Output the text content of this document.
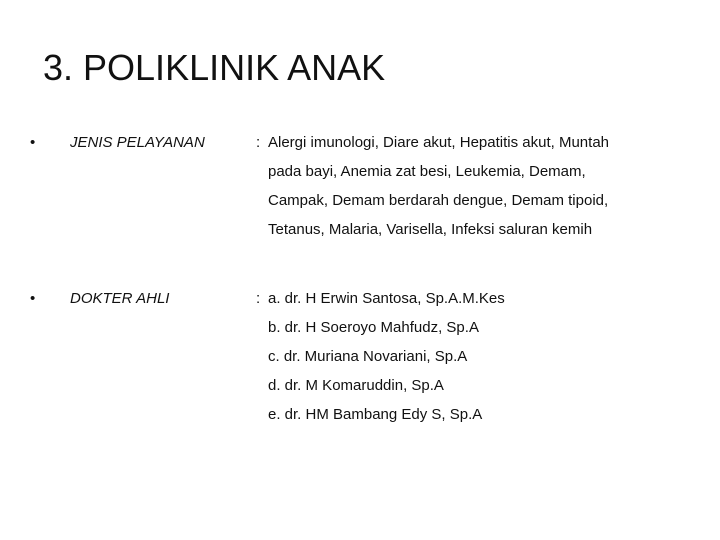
3. POLIKLINIK ANAK
• JENIS PELAYANAN	: Alergi imunologi, Diare akut, Hepatitis akut, Muntah
pada bayi, Anemia zat besi, Leukemia, Demam,
Campak, Demam berdarah dengue, Demam tipoid,
Tetanus, Malaria, Varisella, Infeksi saluran kemih
• DOKTER AHLI	: a. dr. H Erwin Santosa, Sp.A.M.Kes
b. dr. H Soeroyo Mahfudz, Sp.A
c. dr. Muriana Novariani, Sp.A
d. dr. M Komaruddin, Sp.A
e. dr. HM Bambang Edy S, Sp.A
